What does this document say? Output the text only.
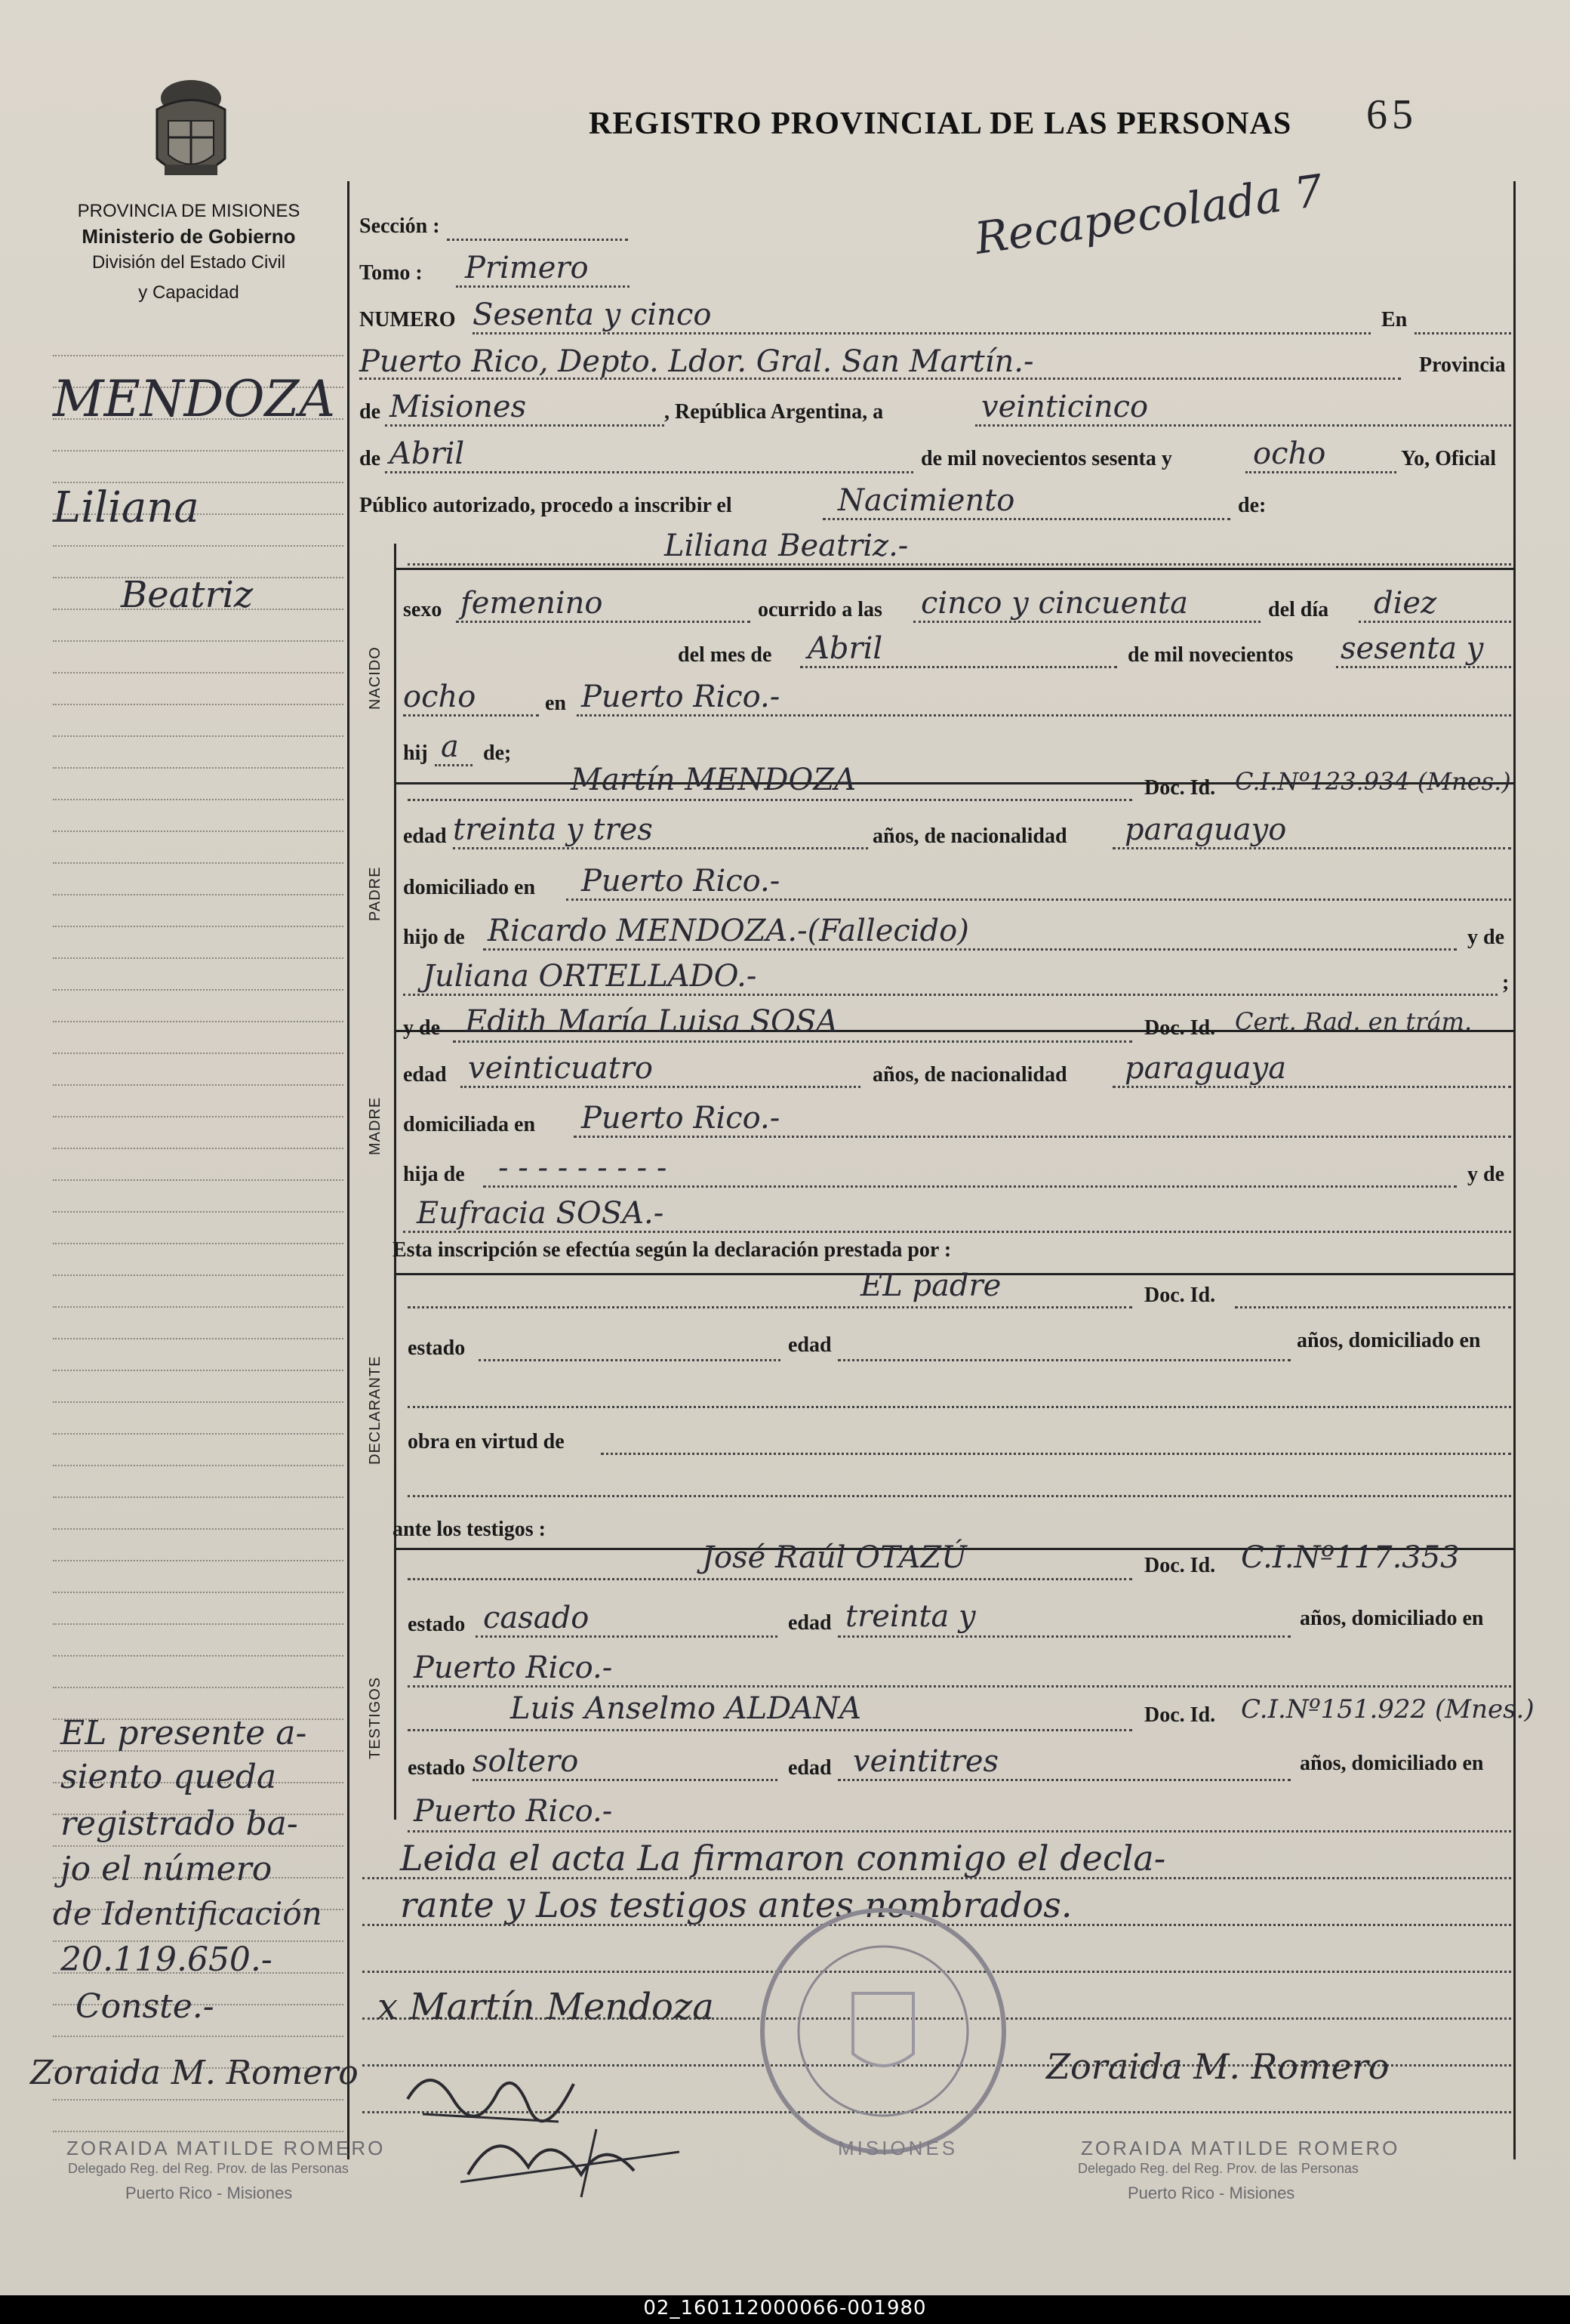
PROVINCIA DE MISIONES
Ministerio de Gobierno
División del Estado Civil
y Capacidad
REGISTRO PROVINCIAL DE LAS PERSONAS 65
Recapecolada 7
MENDOZA
Liliana
Beatriz
EL presente a-
siento queda
registrado ba-
jo el número
de Identificación
20.119.650.-
Conste.-
Sección :
Tomo : Primero
NUMERO Sesenta y cinco	En
Puerto Rico, Depto. Ldor. Gral. San Martín.-	Provincia
de Misiones	, República Argentina, a	veinticinco
de Abril	de mil novecientos sesenta y	ocho	Yo, Oficial
Público autorizado, procedo a inscribir el	Nacimiento	de:
NACIDO
Liliana Beatriz.-
sexo femenino	ocurrido a las cinco y cincuenta	del día diez
del mes de Abril	de mil novecientos sesenta y
ocho	en Puerto Rico.-
hij a de;
PADRE
Martín MENDOZA	Doc. Id. C.I.Nº123.934 (Mnes.)
edad treinta y tres	años, de nacionalidad paraguayo
domiciliado en Puerto Rico.-
hijo de Ricardo MENDOZA.-(Fallecido)	y de
Juliana ORTELLADO.-	;
MADRE
y de Edith María Luisa SOSA	Doc. Id. Cert. Rad. en trám.
edad veinticuatro	años, de nacionalidad paraguaya
domiciliada en Puerto Rico.-
hija de - - - - - - - - -	y de
Eufracia SOSA.-
Esta inscripción se efectúa según la declaración prestada por :
DECLARANTE
EL padre	Doc. Id.
estado	edad	años, domiciliado en
obra en virtud de
ante los testigos :
TESTIGOS
José Raúl OTAZÚ	Doc. Id. C.I.Nº117.353
estado casado	edad treinta y	años, domiciliado en
Puerto Rico.-
Luis Anselmo ALDANA	Doc. Id. C.I.Nº151.922 (Mnes.)
estado soltero	edad veintitres	años, domiciliado en
Puerto Rico.-
Leida el acta La firmaron conmigo el decla-
rante y Los testigos antes nombrados.
MISIONES
x Martín Mendoza
Zoraida M. Romero	Zoraida M. Romero
ZORAIDA MATILDE ROMERO
Delegado Reg. del Reg. Prov. de las Personas
Puerto Rico - Misiones
ZORAIDA MATILDE ROMERO
Delegado Reg. del Reg. Prov. de las Personas
Puerto Rico - Misiones
02_160112000066-001980
